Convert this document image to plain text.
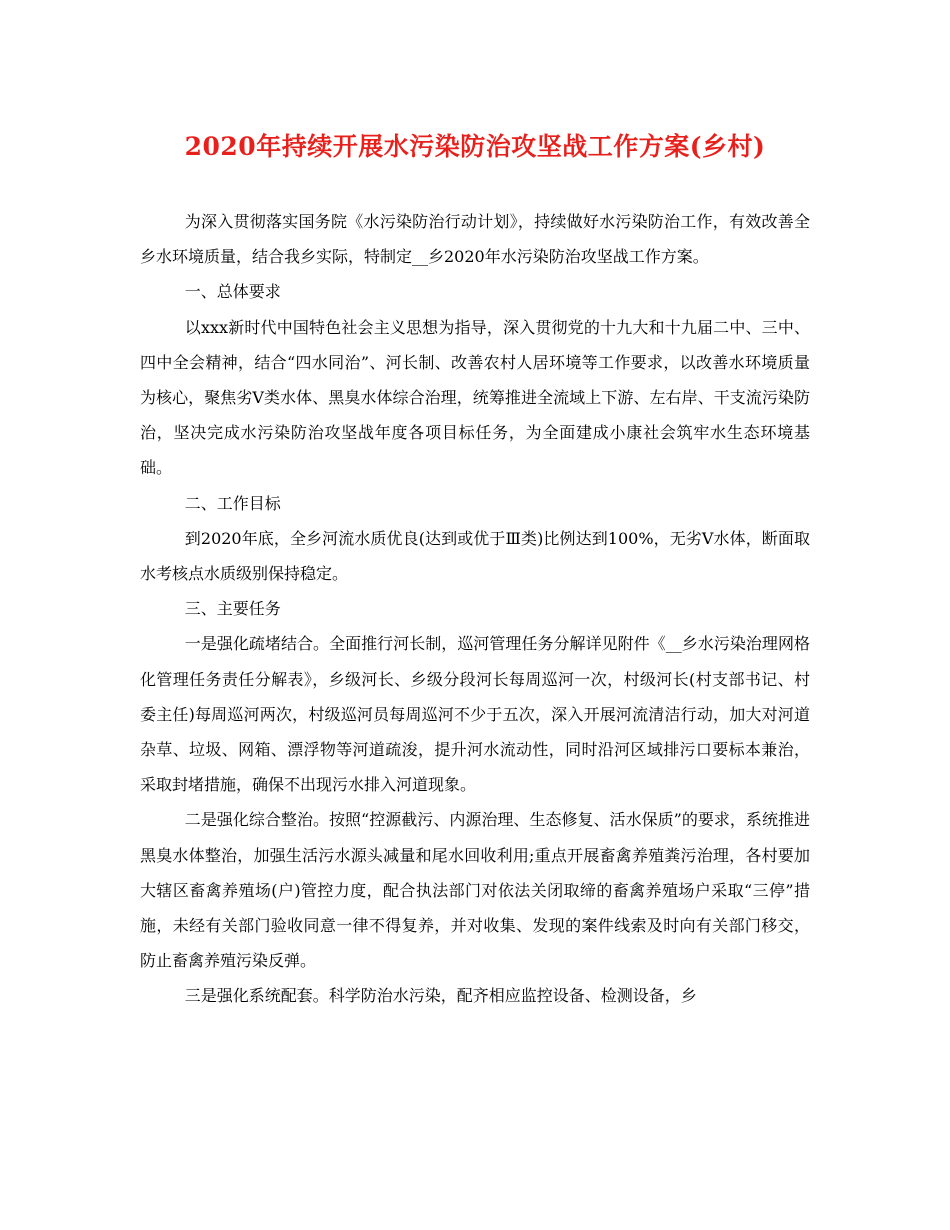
2020年持续开展水污染防治攻坚战工作方案(乡村)

为深入贯彻落实国务院《水污染防治行动计划》，持续做好水污染防治工作，有效改善全乡水环境质量，结合我乡实际，特制定__乡2020年水污染防治攻坚战工作方案。

一、总体要求

以xxx新时代中国特色社会主义思想为指导，深入贯彻党的十九大和十九届二中、三中、四中全会精神，结合“四水同治”、河长制、改善农村人居环境等工作要求，以改善水环境质量为核心，聚焦劣Ⅴ类水体、黑臭水体综合治理，统筹推进全流域上下游、左右岸、干支流污染防治，坚决完成水污染防治攻坚战年度各项目标任务，为全面建成小康社会筑牢水生态环境基础。

二、工作目标

到2020年底，全乡河流水质优良(达到或优于Ⅲ类)比例达到100%，无劣Ⅴ水体，断面取水考核点水质级别保持稳定。

三、主要任务

一是强化疏堵结合。全面推行河长制，巡河管理任务分解详见附件《__乡水污染治理网格化管理任务责任分解表》，乡级河长、乡级分段河长每周巡河一次，村级河长(村支部书记、村委主任)每周巡河两次，村级巡河员每周巡河不少于五次，深入开展河流清洁行动，加大对河道杂草、垃圾、网箱、漂浮物等河道疏浚，提升河水流动性，同时沿河区域排污口要标本兼治，采取封堵措施，确保不出现污水排入河道现象。

二是强化综合整治。按照“控源截污、内源治理、生态修复、活水保质”的要求，系统推进黑臭水体整治，加强生活污水源头减量和尾水回收利用;重点开展畜禽养殖粪污治理，各村要加大辖区畜禽养殖场(户)管控力度，配合执法部门对依法关闭取缔的畜禽养殖场户采取“三停”措施，未经有关部门验收同意一律不得复养，并对收集、发现的案件线索及时向有关部门移交，防止畜禽养殖污染反弹。

三是强化系统配套。科学防治水污染，配齐相应监控设备、检测设备，乡
